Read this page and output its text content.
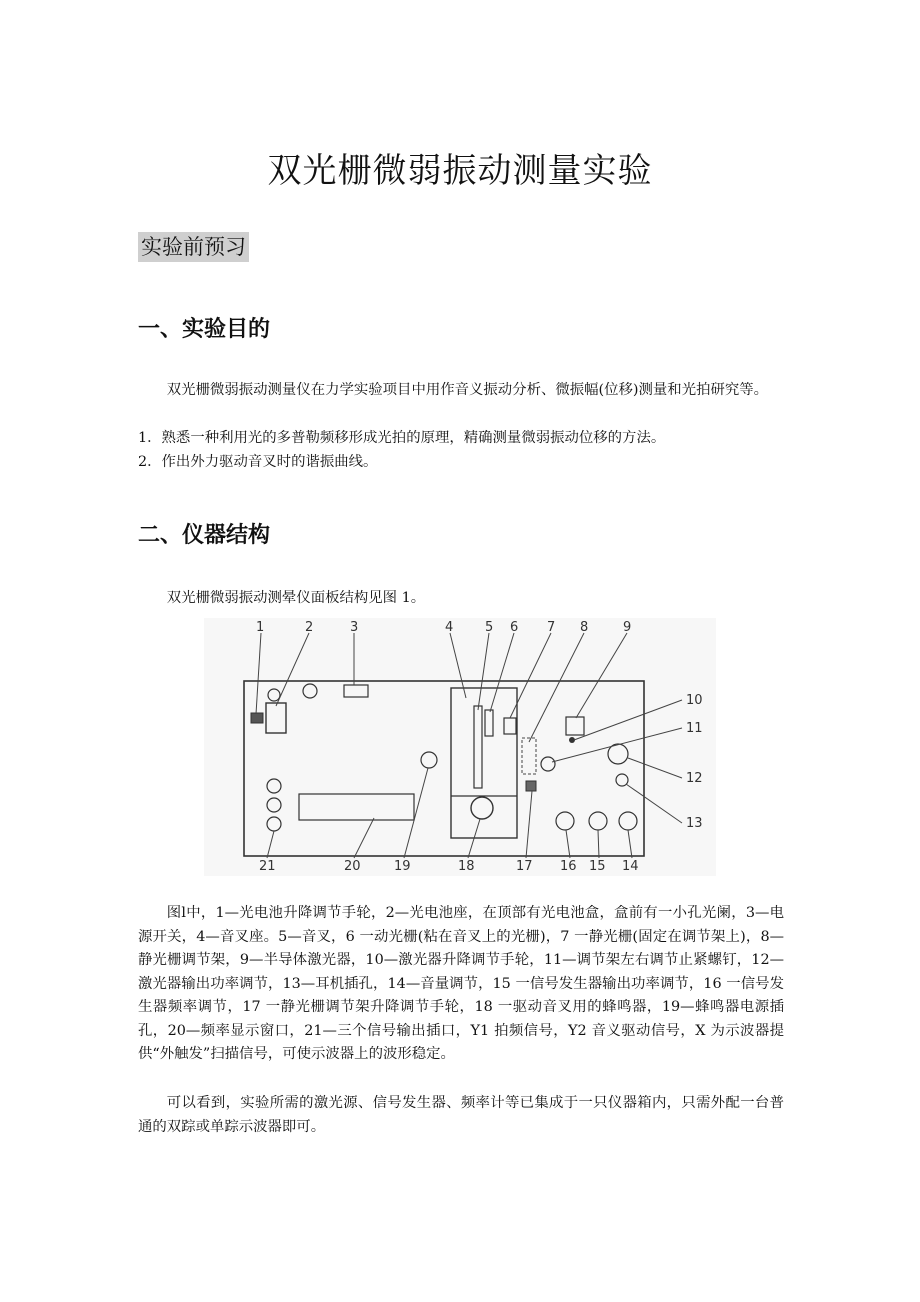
双光栅微弱振动测量实验
实验前预习
一、实验目的

双光栅微弱振动测量仪在力学实验项目中用作音义振动分析、微振幅(位移)测量和光拍研究等。

1．熟悉一种利用光的多普勒频移形成光拍的原理，精确测量微弱振动位移的方法。

2．作出外力驱动音叉时的谐振曲线。

二、仪器结构

双光栅微弱振动测晕仪面板结构见图 1。

1	2	3	4 5 6 7 8	9
10
11
12
13
21	20	19	18	17 16 15 14

图l中，1—光电池升降调节手轮，2—光电池座，在顶部有光电池盒，盒前有一小孔光阑，3—电源开关，4—音叉座。5—音叉，6 一动光栅(粘在音叉上的光栅)，7 一静光栅(固定在调节架上)，8—静光栅调节架，9—半导体激光器，10—激光器升降调节手轮，11—调节架左右调节止紧螺钉，12—激光器输出功率调节，13—耳机插孔，14—音量调节，15 一信号发生器输出功率调节，16 一信号发生器频率调节，17 一静光栅调节架升降调节手轮，18 一驱动音叉用的蜂鸣器，19—蜂鸣器电源插孔，20—频率显示窗口，21—三个信号输出插口，Y1 拍频信号，Y2 音义驱动信号，X 为示波器提供“外触发”扫描信号，可使示波器上的波形稳定。

可以看到，实验所需的激光源、信号发生器、频率计等已集成于一只仪器箱内，只需外配一台普通的双踪或单踪示波器即可。
